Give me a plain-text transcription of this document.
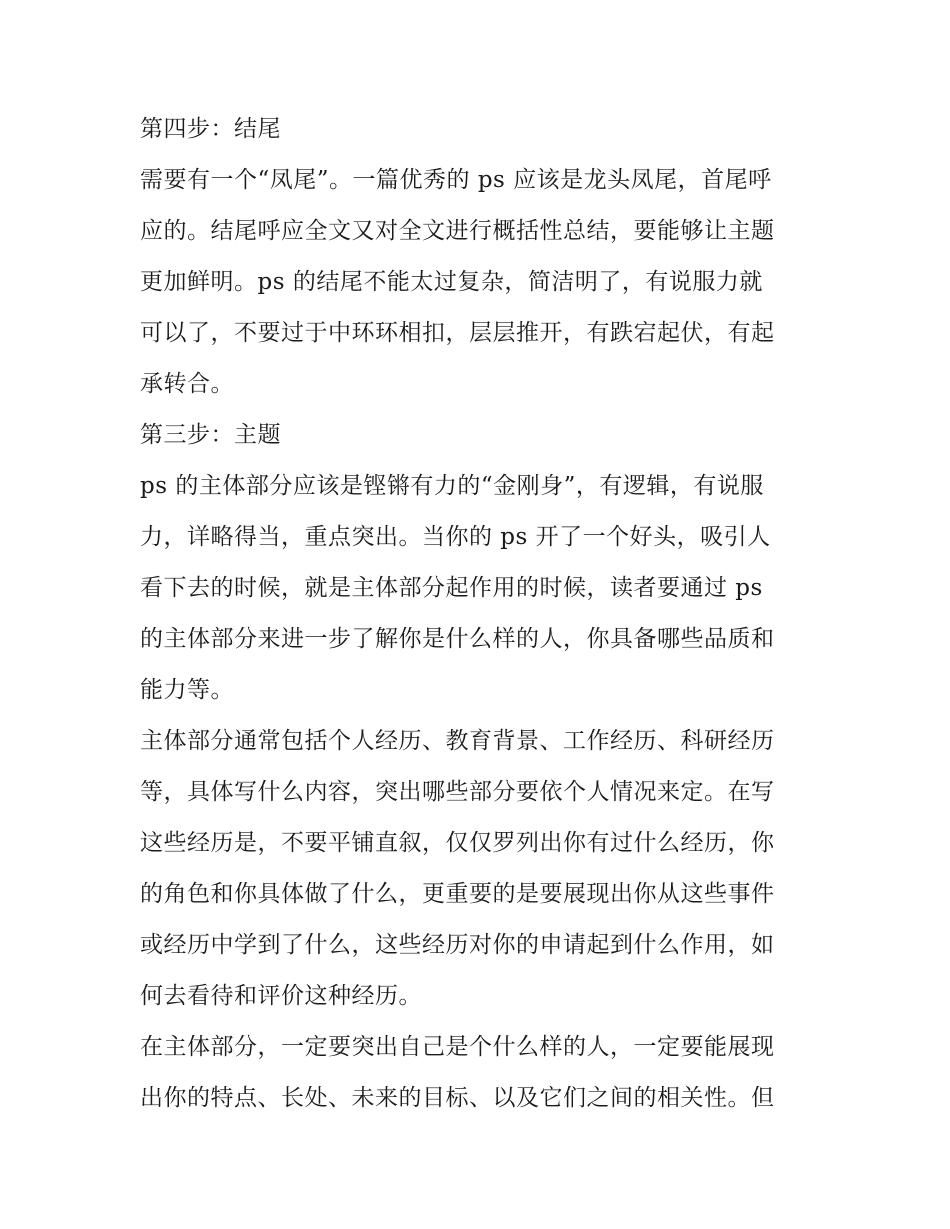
第四步：结尾
需要有一个“凤尾”。一篇优秀的 ps 应该是龙头凤尾，首尾呼
应的。结尾呼应全文又对全文进行概括性总结，要能够让主题
更加鲜明。ps 的结尾不能太过复杂，简洁明了，有说服力就
可以了，不要过于中环环相扣，层层推开，有跌宕起伏，有起
承转合。
第三步：主题
ps 的主体部分应该是铿锵有力的“金刚身”，有逻辑，有说服
力，详略得当，重点突出。当你的 ps 开了一个好头，吸引人
看下去的时候，就是主体部分起作用的时候，读者要通过 ps
的主体部分来进一步了解你是什么样的人，你具备哪些品质和
能力等。
主体部分通常包括个人经历、教育背景、工作经历、科研经历
等，具体写什么内容，突出哪些部分要依个人情况来定。在写
这些经历是，不要平铺直叙，仅仅罗列出你有过什么经历，你
的角色和你具体做了什么，更重要的是要展现出你从这些事件
或经历中学到了什么，这些经历对你的申请起到什么作用，如
何去看待和评价这种经历。
在主体部分，一定要突出自己是个什么样的人，一定要能展现
出你的特点、长处、未来的目标、以及它们之间的相关性。但
